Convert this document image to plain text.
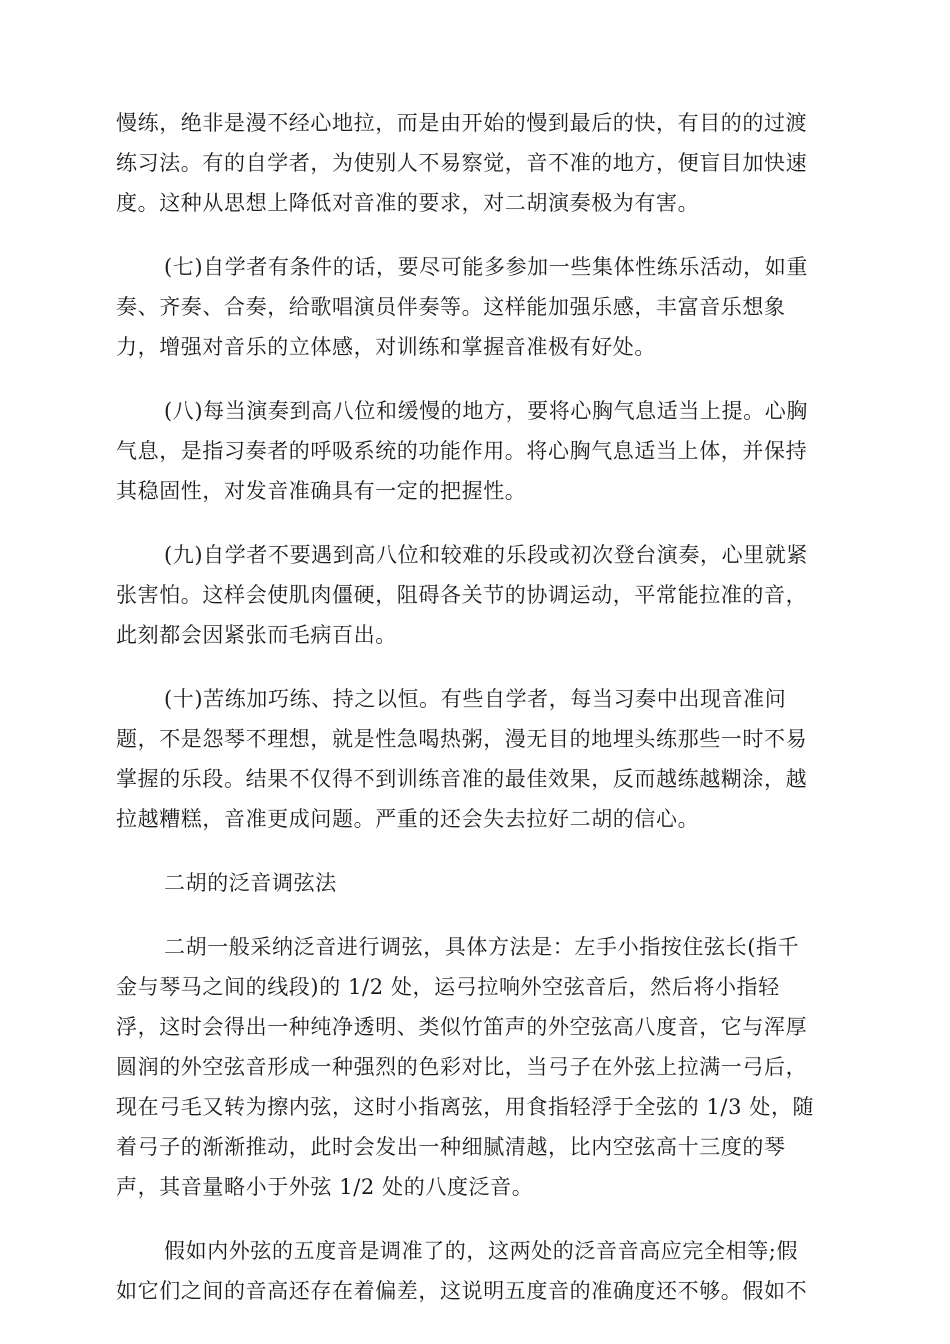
慢练，绝非是漫不经心地拉，而是由开始的慢到最后的快，有目的的过渡
练习法。有的自学者，为使别人不易察觉，音不准的地方，便盲目加快速
度。这种从思想上降低对音准的要求，对二胡演奏极为有害。
(七)自学者有条件的话，要尽可能多参加一些集体性练乐活动，如重
奏、齐奏、合奏，给歌唱演员伴奏等。这样能加强乐感，丰富音乐想象
力，增强对音乐的立体感，对训练和掌握音准极有好处。
(八)每当演奏到高八位和缓慢的地方，要将心胸气息适当上提。心胸
气息，是指习奏者的呼吸系统的功能作用。将心胸气息适当上体，并保持
其稳固性，对发音准确具有一定的把握性。
(九)自学者不要遇到高八位和较难的乐段或初次登台演奏，心里就紧
张害怕。这样会使肌肉僵硬，阻碍各关节的协调运动，平常能拉准的音，
此刻都会因紧张而毛病百出。
(十)苦练加巧练、持之以恒。有些自学者，每当习奏中出现音准问
题，不是怨琴不理想，就是性急喝热粥，漫无目的地埋头练那些一时不易
掌握的乐段。结果不仅得不到训练音准的最佳效果，反而越练越糊涂，越
拉越糟糕，音准更成问题。严重的还会失去拉好二胡的信心。
二胡的泛音调弦法
二胡一般采纳泛音进行调弦，具体方法是：左手小指按住弦长(指千
金与琴马之间的线段)的 1/2 处，运弓拉响外空弦音后，然后将小指轻
浮，这时会得出一种纯净透明、类似竹笛声的外空弦高八度音，它与浑厚
圆润的外空弦音形成一种强烈的色彩对比，当弓子在外弦上拉满一弓后，
现在弓毛又转为擦内弦，这时小指离弦，用食指轻浮于全弦的 1/3 处，随
着弓子的渐渐推动，此时会发出一种细腻清越，比内空弦高十三度的琴
声，其音量略小于外弦 1/2 处的八度泛音。
假如内外弦的五度音是调准了的，这两处的泛音音高应完全相等;假
如它们之间的音高还存在着偏差，这说明五度音的准确度还不够。假如不
